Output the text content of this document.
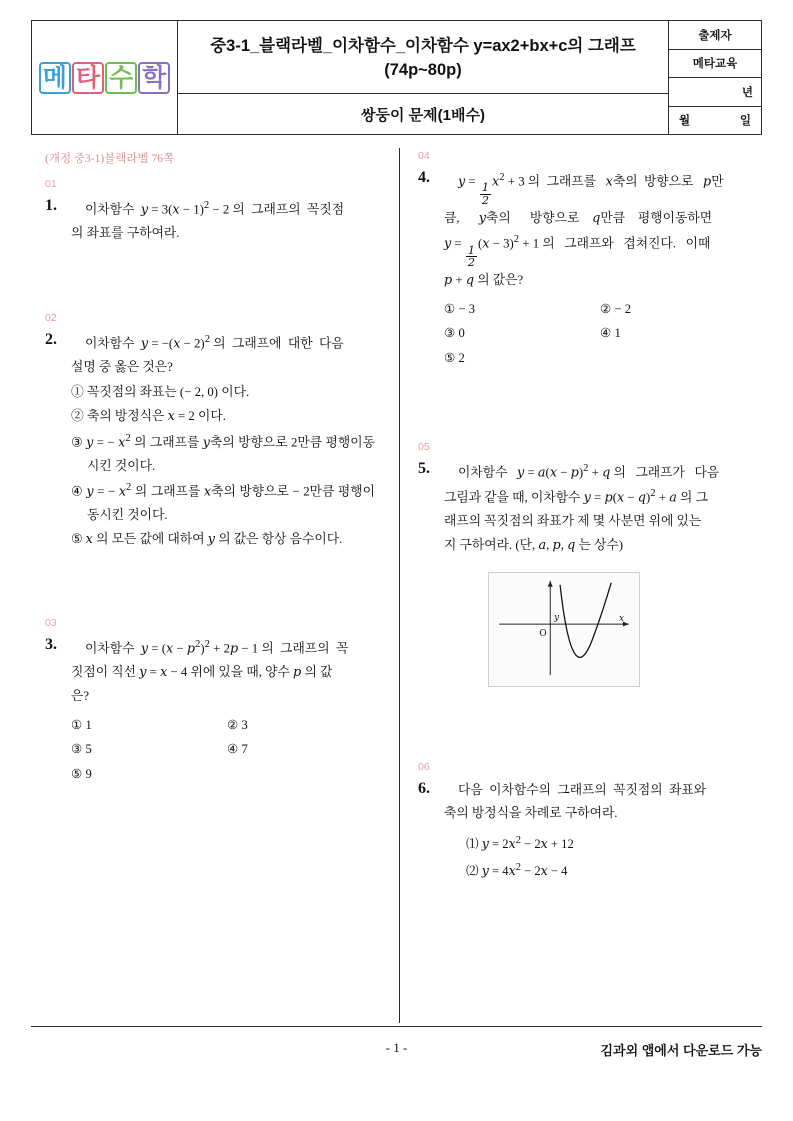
메 타 수 학
중3-1_블랙라벨_이차함수_이차함수 y=ax2+bx+c의 그래프(74p~80p)
쌍둥이 문제(1배수)
출제자
메타교육
년
월	일
(개정 중3-1)블랙라벨 76쪽
01
1.	이차함수  $y = 3(x - 1)^2 - 2$ 의  그래프의  꼭짓점
의 좌표를 구하여라.
02
2.	이차함수  $y = -(x - 2)^2$ 의  그래프에  대한  다음
설명 중 옳은 것은?
① 꼭짓점의 좌표는 (− 2, 0) 이다.
② 축의 방정식은 x = 2 이다.
③ y = − $x^2$ 의 그래프를 y축의 방향으로 2만큼 평행이동시킨 것이다.
④ y = − $x^2$ 의 그래프를 x축의 방향으로 − 2만큼 평행이동시킨 것이다.
⑤ x 의 모든 값에 대하여 y 의 값은 항상 음수이다.
03
3.	이차함수  $y = (x - p^2)^2 + 2p - 1$ 의  그래프의  꼭
짓점이 직선 y = x − 4 위에 있을 때, 양수 p 의 값
은?
① 1	② 3
③ 5	④ 7
⑤ 9
04
4.	y =
$\frac{1}{2}$
$x^2 + 3$ 의  그래프를   x축의  방향으로   p만
큼,      y축의      방향으로    q만큼    평행이동하면
y =
$\frac{1}{2}$
$(x - 3)^2 + 1$ 의   그래프와   겹쳐진다.   이때
p + q 의 값은?
① − 3	② − 2
③ 0	④ 1
⑤ 2
05
5.	이차함수   $y = a(x - p)^2 + q$ 의   그래프가   다음
그림과 같을 때, 이차함수 $y = p(x - q)^2 + a$ 의 그
래프의 꼭짓점의 좌표가 제 몇 사분면 위에 있는
지 구하여라. (단, a, p, q 는 상수)
y	x
O
06
6.	다음  이차함수의  그래프의  꼭짓점의  좌표와
축의 방정식을 차례로 구하여라.
⑴ $y = 2x^2 - 2x + 12$
⑵ $y = 4x^2 - 2x - 4$
- 1 -	김과외 앱에서 다운로드 가능
